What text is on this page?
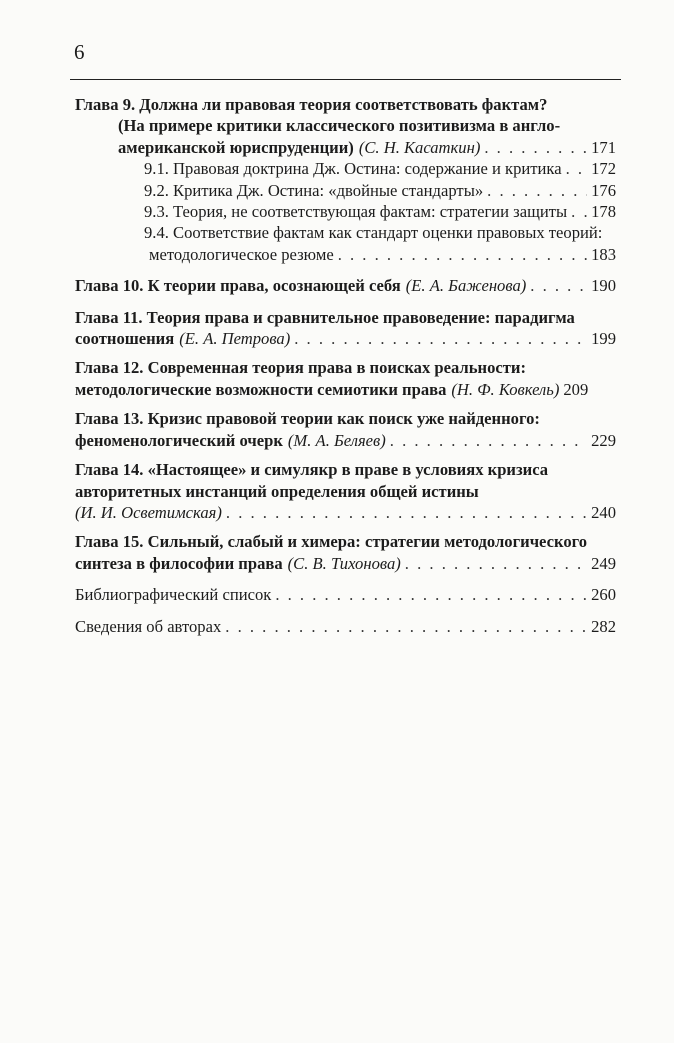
6
Глава 9. Должна ли правовая теория соответствовать фактам?
(На примере критики классического позитивизма в англо-
американской юриспруденции) (С. Н. Касаткин) . . .	171
9.1. Правовая доктрина Дж. Остина: содержание и критика . . . 172
9.2. Критика Дж. Остина: «двойные стандарты» . . .	176
9.3. Теория, не соответствующая фактам: стратегии защиты . . . 178
9.4. Соответствие фактам как стандарт оценки правовых теорий:
методологическое резюме . . .	183
Глава 10. К теории права, осознающей себя (Е. А. Баженова) . . .	190
Глава 11. Теория права и сравнительное правоведение: парадигма
соотношения (Е. А. Петрова) . . .	199
Глава 12. Современная теория права в поисках реальности:
методологические возможности семиотики права (Н. Ф. Ковкель) 209
Глава 13. Кризис правовой теории как поиск уже найденного:
феноменологический очерк (М. А. Беляев) . . .	229
Глава 14. «Настоящее» и симулякр в праве в условиях кризиса
авторитетных инстанций определения общей истины
(И. И. Осветимская) . . .	240
Глава 15. Сильный, слабый и химера: стратегии методологического
синтеза в философии права (С. В. Тихонова) . . .	249
Библиографический список . . .	260
Сведения об авторах . . .	282
